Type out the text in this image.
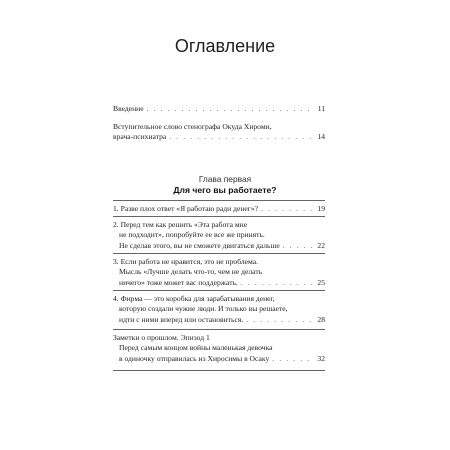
Оглавление
Введение . . .	11
Вступительное слово стенографа Окуда Хироми,
врача-психиатра . . .	14
Глава первая
Для чего вы работаете?
1. Разве плох ответ «Я работаю ради денег»? . . .	19
2. Перед тем как решить «Эта работа мне
не подходит», попробуйте ее все же принять.
Не сделав этого, вы не сможете двигаться дальше . . .	22
3. Если работа не нравится, это не проблема.
Мысль «Лучше делать что-то, чем не делать
ничего» тоже может вас поддержать. . . .	25
4. Фирма — это коробка для зарабатывания денег,
которую создали чужие люди. И только вы решаете,
идти с ними вперед или остановиться. . . .	28
Заметки о прошлом. Эпизод 1
Перед самым концом войны маленькая девочка
в одиночку отправилась из Хиросимы в Осаку . . .	32
